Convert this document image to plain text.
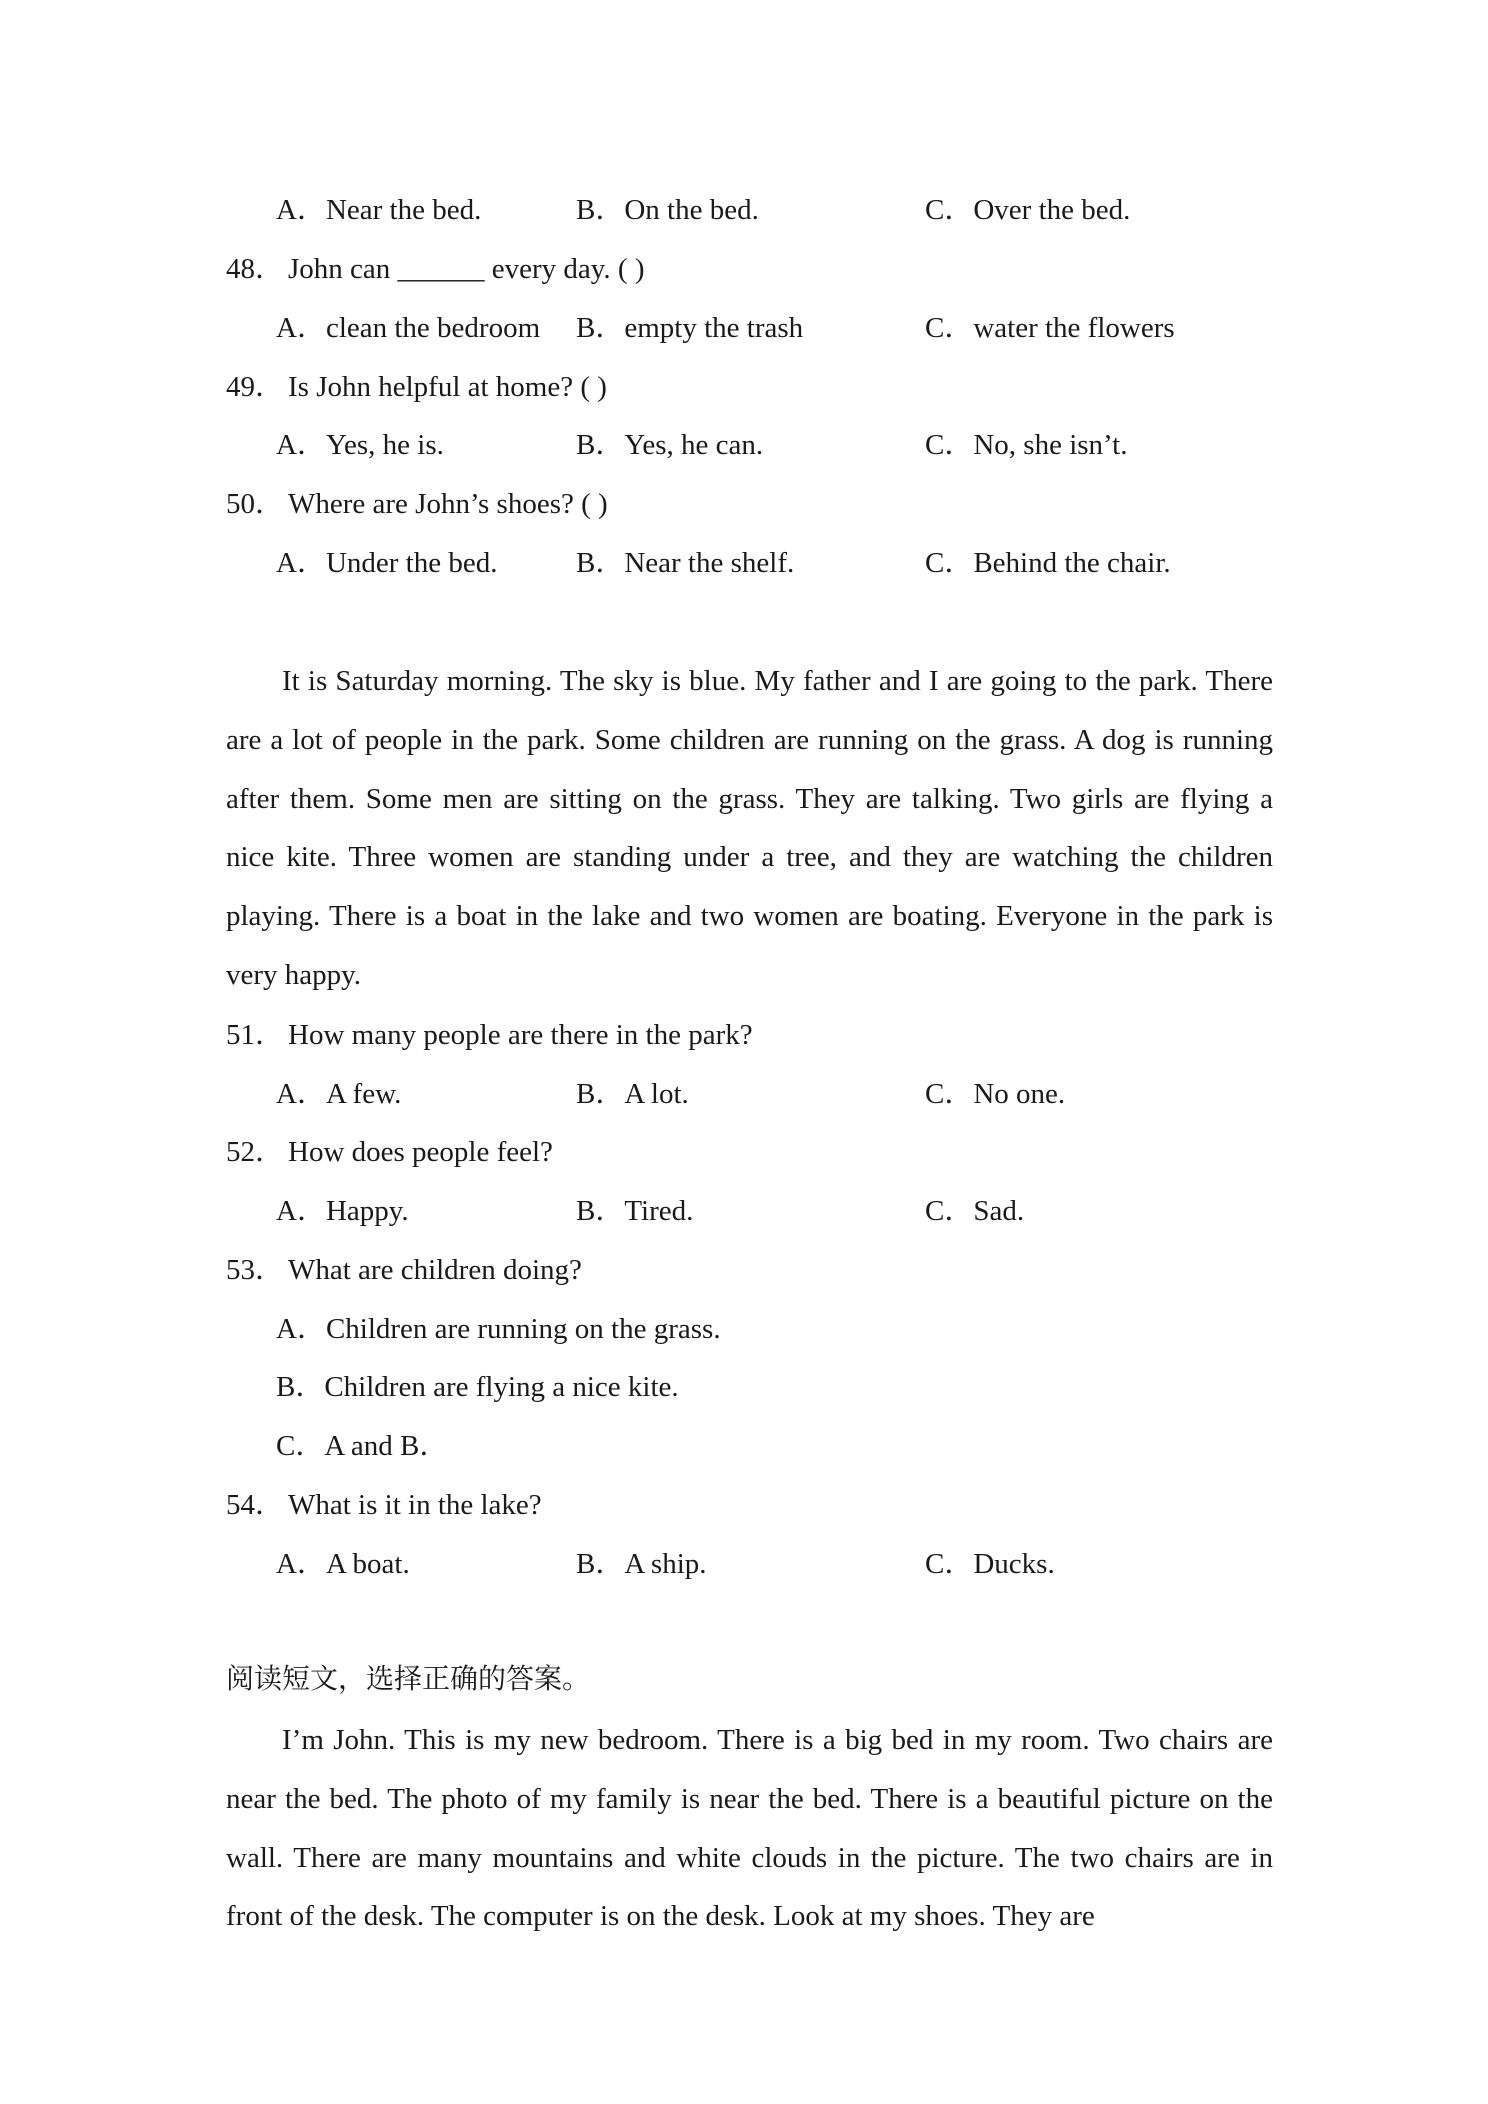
A．Near the bed.	B．On the bed.	C．Over the bed.
48． John can ______ every day. ( )
A．clean the bedroom B．empty the trash	C．water the flowers
49． Is John helpful at home? ( )
A．Yes, he is.	B．Yes, he can.	C．No, she isn’t.
50． Where are John’s shoes? ( )
A．Under the bed.	B．Near the shelf.	C．Behind the chair.
It is Saturday morning. The sky is blue. My father and I are going to the park. There are a lot of people in the park. Some children are running on the grass. A dog is running after them. Some men are sitting on the grass. They are talking. Two girls are flying a nice kite. Three women are standing under a tree, and they are watching the children playing. There is a boat in the lake and two women are boating. Everyone in the park is very happy.
51． How many people are there in the park?
A．A few.	B．A lot.	C．No one.
52． How does people feel?
A．Happy.	B．Tired.	C．Sad.
53． What are children doing?
A．Children are running on the grass.
B．Children are flying a nice kite.
C．A and B．
54． What is it in the lake?
A．A boat.	B．A ship.	C．Ducks.
阅读短文，选择正确的答案。
I’m John. This is my new bedroom. There is a big bed in my room. Two chairs are near the bed. The photo of my family is near the bed. There is a beautiful picture on the wall. There are many mountains and white clouds in the picture. The two chairs are in front of the desk. The computer is on the desk. Look at my shoes. They are
